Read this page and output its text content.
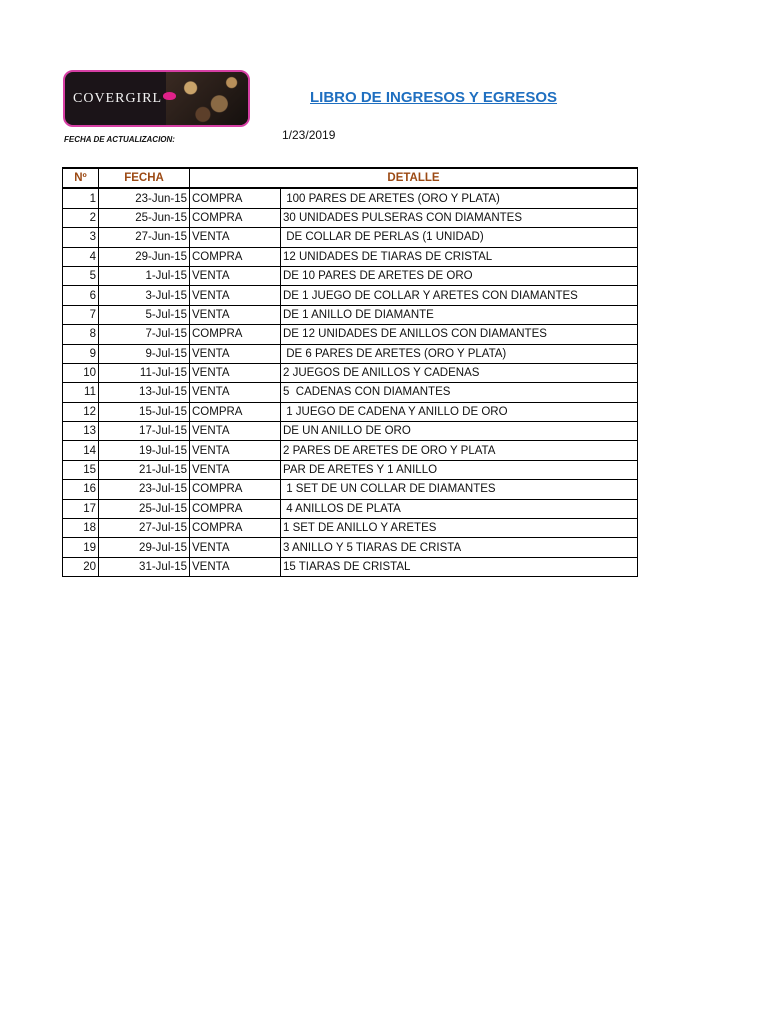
COVERGIRL	LIBRO DE INGRESOS Y EGRESOS
FECHA DE ACTUALIZACION:	1/23/2019
Nº	FECHA	DETALLE	
1	23-Jun-15	COMPRA	100 PARES DE ARETES (ORO Y PLATA)
2	25-Jun-15	COMPRA	30 UNIDADES PULSERAS CON DIAMANTES
3	27-Jun-15	VENTA	DE COLLAR DE PERLAS (1 UNIDAD)
4	29-Jun-15	COMPRA	12 UNIDADES DE TIARAS DE CRISTAL
5	1-Jul-15	VENTA	DE 10 PARES DE ARETES DE ORO
6	3-Jul-15	VENTA	DE 1 JUEGO DE COLLAR Y ARETES CON DIAMANTES
7	5-Jul-15	VENTA	DE 1 ANILLO DE DIAMANTE
8	7-Jul-15	COMPRA	DE 12 UNIDADES DE ANILLOS CON DIAMANTES
9	9-Jul-15	VENTA	DE 6 PARES DE ARETES (ORO Y PLATA)
10	11-Jul-15	VENTA	2 JUEGOS DE ANILLOS Y CADENAS
11	13-Jul-15	VENTA	5  CADENAS CON DIAMANTES
12	15-Jul-15	COMPRA	1 JUEGO DE CADENA Y ANILLO DE ORO
13	17-Jul-15	VENTA	DE UN ANILLO DE ORO
14	19-Jul-15	VENTA	2 PARES DE ARETES DE ORO Y PLATA
15	21-Jul-15	VENTA	PAR DE ARETES Y 1 ANILLO
16	23-Jul-15	COMPRA	1 SET DE UN COLLAR DE DIAMANTES
17	25-Jul-15	COMPRA	4 ANILLOS DE PLATA
18	27-Jul-15	COMPRA	1 SET DE ANILLO Y ARETES
19	29-Jul-15	VENTA	3 ANILLO Y 5 TIARAS DE CRISTA
20	31-Jul-15	VENTA	15 TIARAS DE CRISTAL
